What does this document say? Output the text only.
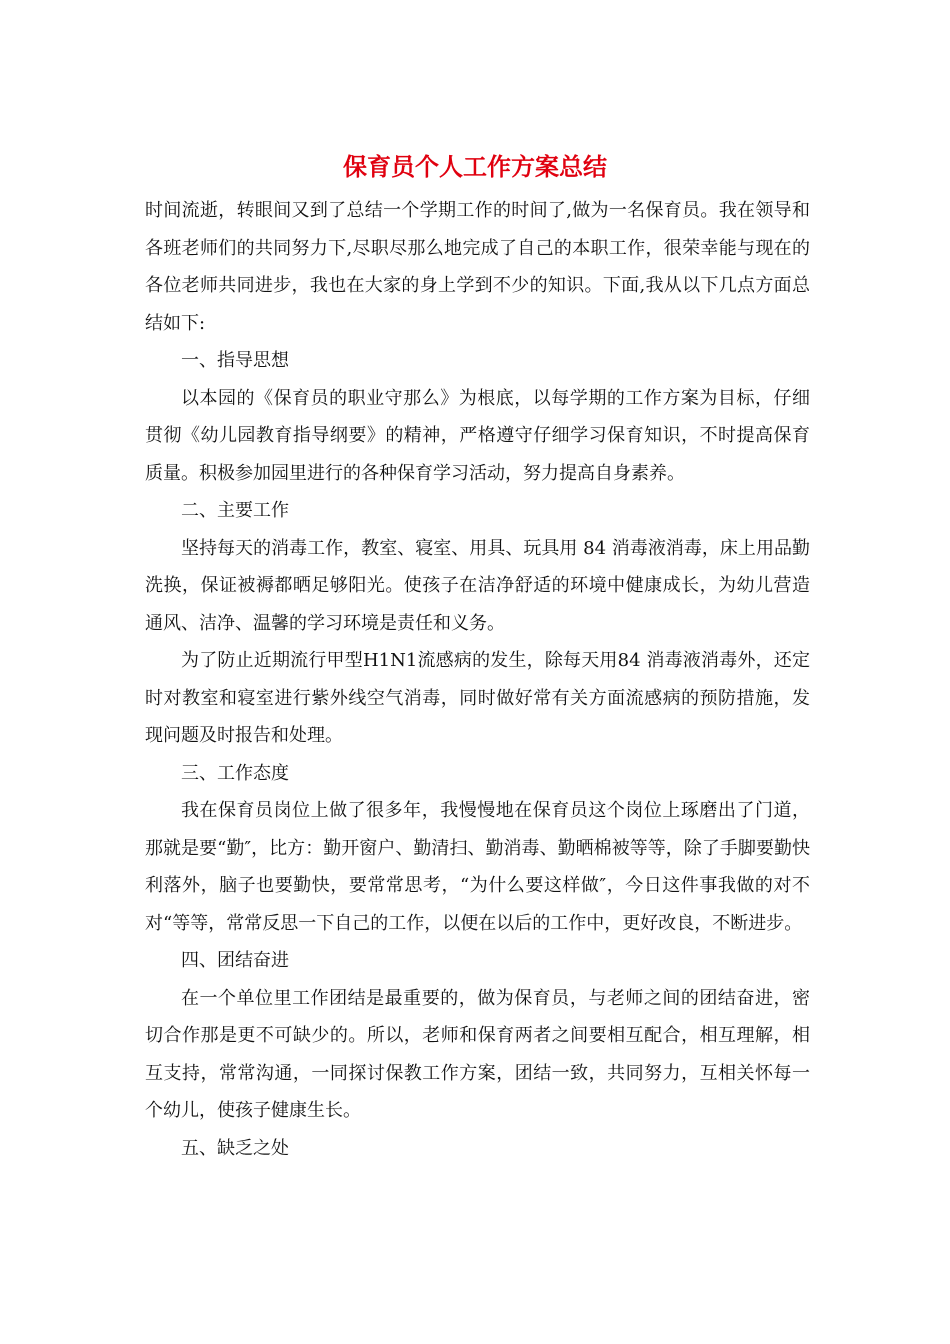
保育员个人工作方案总结

时间流逝，转眼间又到了总结一个学期工作的时间了,做为一名保育员。我在领导和各班老师们的共同努力下,尽职尽那么地完成了自己的本职工作，很荣幸能与现在的各位老师共同进步，我也在大家的身上学到不少的知识。下面,我从以下几点方面总结如下:

一、指导思想

以本园的《保育员的职业守那么》为根底，以每学期的工作方案为目标，仔细贯彻《幼儿园教育指导纲要》的精神，严格遵守仔细学习保育知识，不时提高保育质量。积极参加园里进行的各种保育学习活动，努力提高自身素养。

二、主要工作

坚持每天的消毒工作，教室、寝室、用具、玩具用 84 消毒液消毒，床上用品勤洗换，保证被褥都晒足够阳光。使孩子在洁净舒适的环境中健康成长，为幼儿营造通风、洁净、温馨的学习环境是责任和义务。

为了防止近期流行甲型H1N1流感病的发生，除每天用84 消毒液消毒外，还定时对教室和寝室进行紫外线空气消毒，同时做好常有关方面流感病的预防措施，发现问题及时报告和处理。

三、工作态度

我在保育员岗位上做了很多年，我慢慢地在保育员这个岗位上琢磨出了门道，那就是要“勤″，比方：勤开窗户、勤清扫、勤消毒、勤晒棉被等等，除了手脚要勤快利落外，脑子也要勤快，要常常思考，“为什么要这样做″，今日这件事我做的对不对“等等，常常反思一下自己的工作，以便在以后的工作中，更好改良，不断进步。

四、团结奋进

在一个单位里工作团结是最重要的，做为保育员，与老师之间的团结奋进，密切合作那是更不可缺少的。所以，老师和保育两者之间要相互配合，相互理解，相互支持，常常沟通，一同探讨保教工作方案，团结一致，共同努力，互相关怀每一个幼儿，使孩子健康生长。

五、缺乏之处
